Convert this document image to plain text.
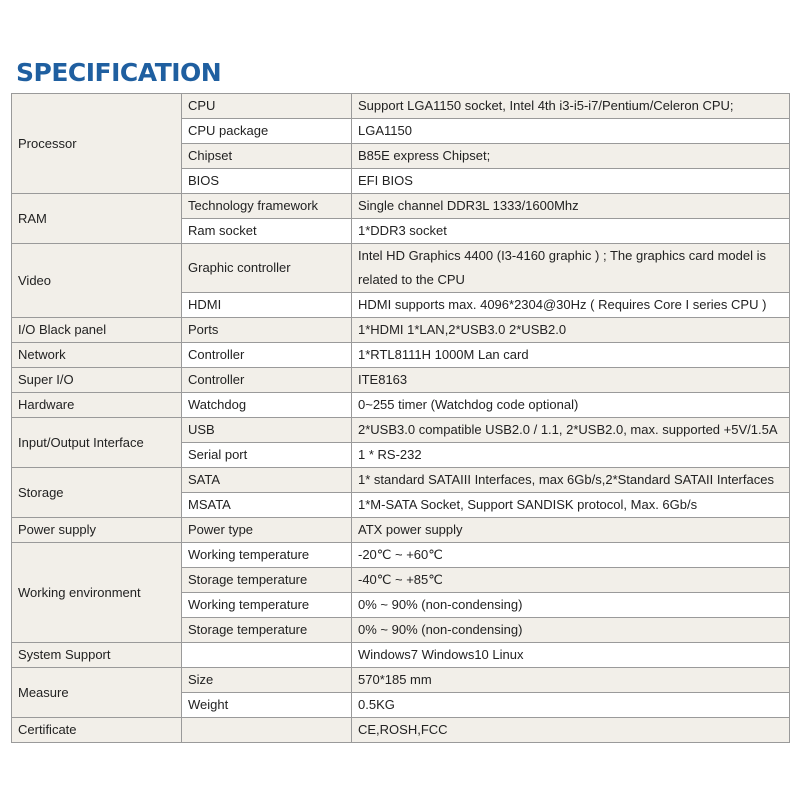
SPECIFICATION
Processor	CPU	Support LGA1150 socket, Intel 4th i3-i5-i7/Pentium/Celeron CPU;
	CPU package	LGA1150
	Chipset	B85E express Chipset;
	BIOS	EFI BIOS
RAM	Technology framework	Single channel DDR3L 1333/1600Mhz
	Ram socket	1*DDR3 socket
Video	Graphic controller	Intel HD Graphics 4400 (I3-4160 graphic ) ; The graphics card model is related to the CPU
	HDMI	HDMI supports max. 4096*2304@30Hz ( Requires Core I series CPU )
I/O Black panel	Ports	1*HDMI 1*LAN,2*USB3.0 2*USB2.0
Network	Controller	1*RTL8111H 1000M Lan card
Super I/O	Controller	ITE8163
Hardware	Watchdog	0~255 timer (Watchdog code optional)
Input/Output Interface	USB	2*USB3.0 compatible USB2.0 / 1.1, 2*USB2.0, max. supported +5V/1.5A
	Serial port	1 * RS-232
Storage	SATA	1* standard SATAIII Interfaces, max 6Gb/s,2*Standard SATAII Interfaces
	MSATA	1*M-SATA Socket, Support SANDISK protocol, Max. 6Gb/s
Power supply	Power type	ATX power supply
Working environment	Working temperature	-20℃ ~ +60℃
	Storage temperature	-40℃ ~ +85℃
	Working temperature	0% ~ 90% (non-condensing)
	Storage temperature	0% ~ 90% (non-condensing)
System Support		Windows7 Windows10 Linux
Measure	Size	570*185 mm
	Weight	0.5KG
Certificate		CE,ROSH,FCC
